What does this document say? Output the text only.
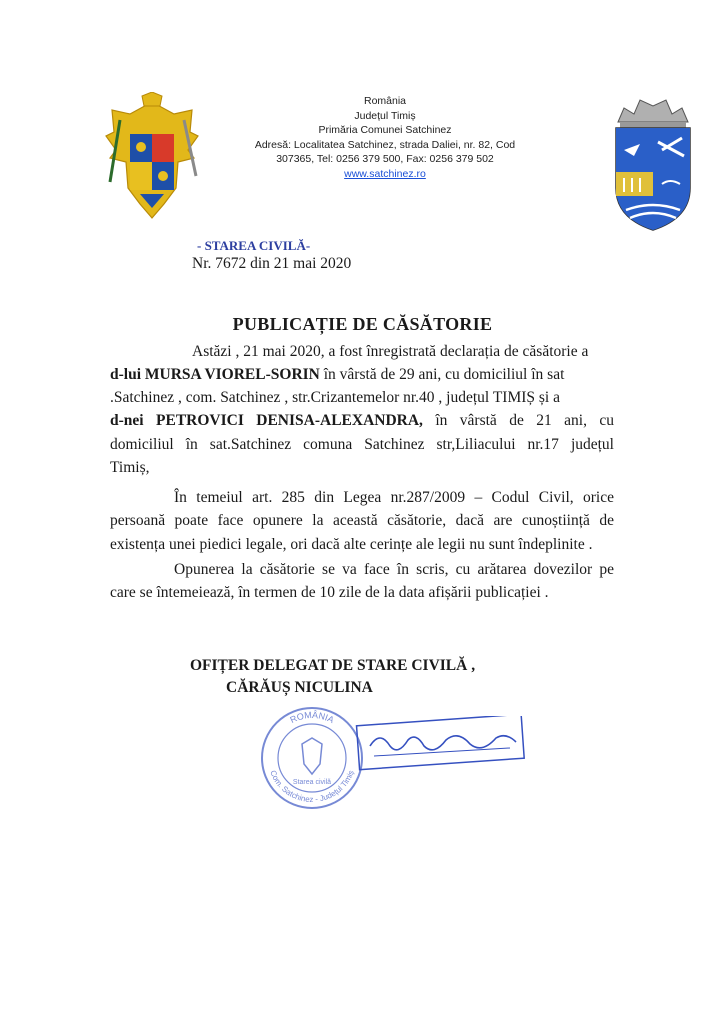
România
Județul Timiș
Primăria Comunei Satchinez
Adresă: Localitatea Satchinez, strada Daliei, nr. 82, Cod
307365, Tel: 0256 379 500, Fax: 0256 379 502
www.satchinez.ro
- STAREA CIVILĂ-
Nr. 7672 din 21 mai 2020
PUBLICAȚIE DE CĂSĂTORIE
Astăzi , 21 mai 2020, a fost înregistrată declarația de căsătorie a
d-lui MURSA VIOREL-SORIN în vârstă de 29 ani, cu domiciliul în sat
.Satchinez , com. Satchinez , str.Crizantemelor nr.40 , județul TIMIȘ și a
d-nei PETROVICI DENISA-ALEXANDRA, în vârstă de 21 ani, cu
domiciliul în sat.Satchinez comuna Satchinez str,Liliacului nr.17 județul
Timiș,
În temeiul art. 285 din Legea nr.287/2009 – Codul Civil, orice
persoană poate face opunere la această căsătorie, dacă are cunoștiință de
existența unei piedici legale, ori dacă alte cerințe ale legii nu sunt îndeplinite .
Opunerea la căsătorie se va face în scris, cu arătarea dovezilor pe
care se întemeiează, în termen de 10 zile de la data afișării publicației .
OFIȚER DELEGAT DE STARE CIVILĂ ,
CĂRĂUȘ NICULINA
ROMÂNIA
Com. Satchinez - Județul Timiș
Starea civilă
